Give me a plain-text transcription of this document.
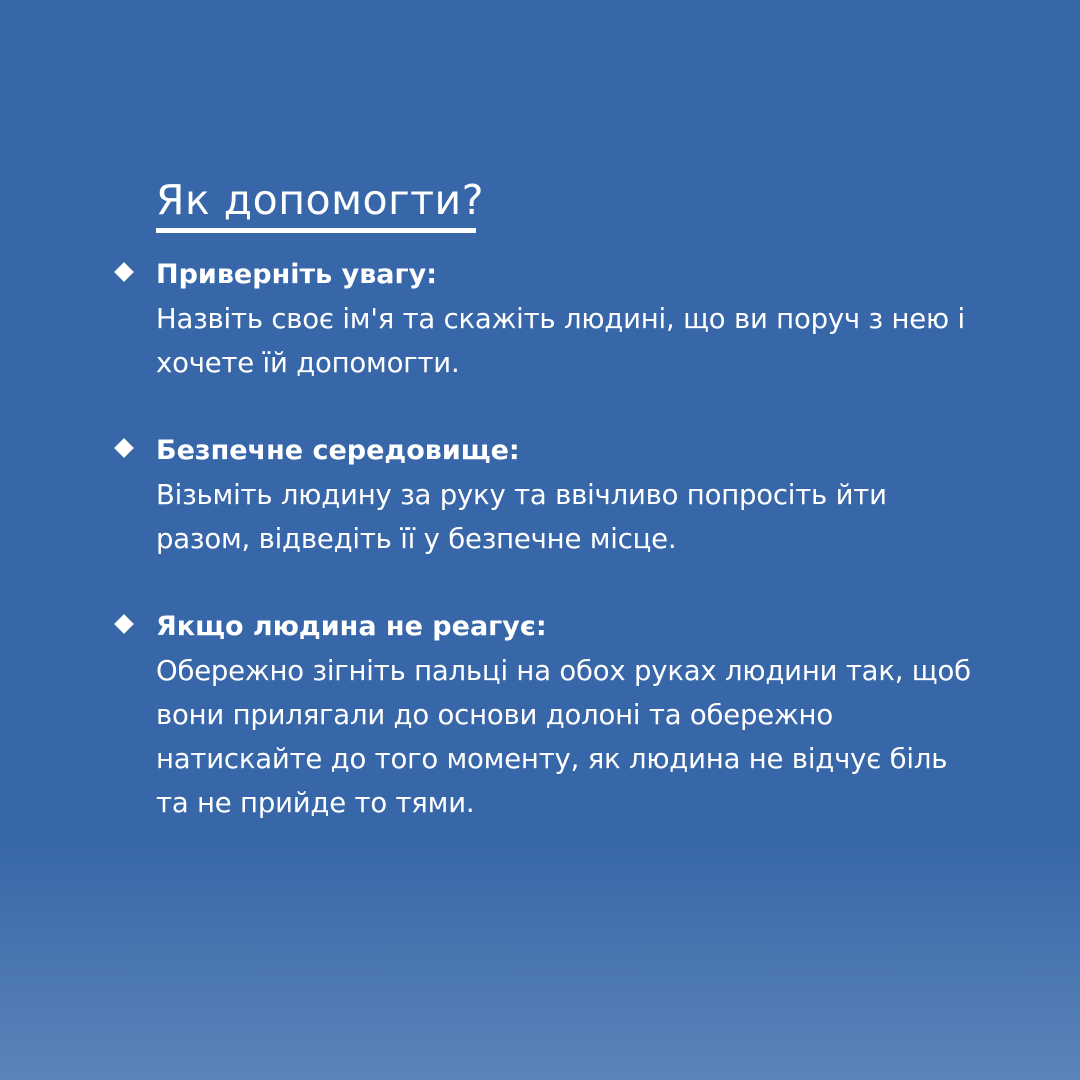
Як допомогти?
Приверніть увагу:
Назвіть своє ім'я та скажіть людині, що ви поруч з нею і хочете їй допомогти.
Безпечне середовище:
Візьміть людину за руку та ввічливо попросіть йти разом, відведіть її у безпечне місце.
Якщо людина не реагує:
Обережно зігніть пальці на обох руках людини так, щоб вони прилягали до основи долоні та обережно натискайте до того моменту, як людина не відчує біль та не прийде то тями.
